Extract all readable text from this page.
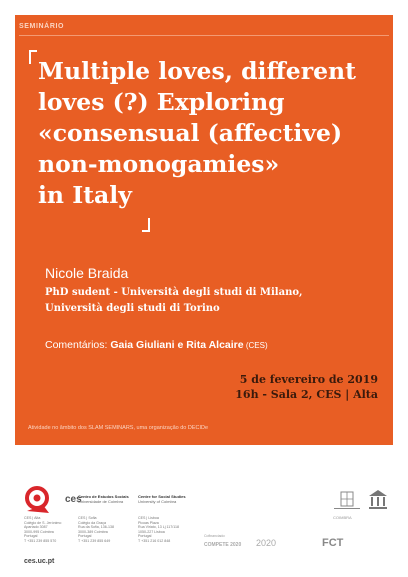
SEMINÁRIO
Multiple loves, different
loves (?) Exploring
«consensual (affective)
non-monogamies»
in Italy
Nicole Braida
PhD sudent - Università degli studi di Milano,
Università degli studi di Torino
Comentários: Gaia Giuliani e Rita Alcaire (CES)
5 de fevereiro de 2019
16h - Sala 2, CES | Alta
Atividade no âmbito dos SLAM SEMINARS, uma organização do DECIDe
ces
Centro de Estudos Sociais
Universidade de Coimbra
Centre for Social Studies
University of Coimbra
CES | Alta
Colégio de S. Jerónimo
Apartado 3087
3000-995 Coimbra
Portugal
T +351 239 855 570
CES | Sofia
Colégio da Graça
Rua da Sofia, 136-138
3000-389 Coimbra
Portugal
T +351 239 855 649
CES | Lisboa
Picoas Plaza
Rua Viriato, 13 Lj 117/118
1050-227 Lisboa
Portugal
T +351 216 012 848
ces.uc.pt
COIMBRA
Cofinanciado:
COMPETE 2020 2020	FCT
